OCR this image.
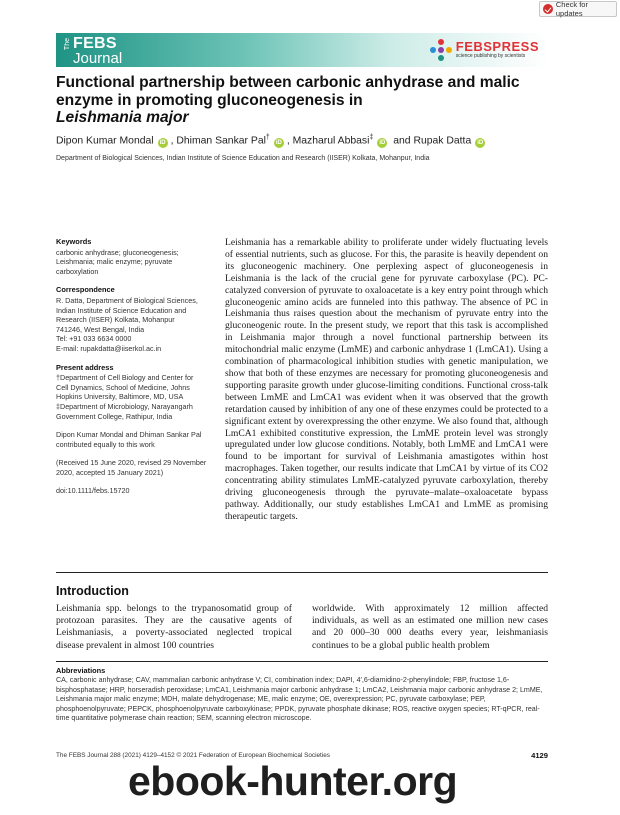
Check for updates
The FEBS
Journal
FEBSPRESS
science publishing by scientists
Functional partnership between carbonic anhydrase and malic enzyme in promoting gluconeogenesis in
Leishmania major
Dipon Kumar Mondal iD , Dhiman Sankar Pal†iD , Mazharul Abbasi‡iD and Rupak Datta iD
Department of Biological Sciences, Indian Institute of Science Education and Research (IISER) Kolkata, Mohanpur, India
Keywords

carbonic anhydrase; gluconeogenesis; Leishmania; malic enzyme; pyruvate carboxylation

Correspondence

R. Datta, Department of Biological Sciences,

Indian Institute of Science Education and

Research (IISER) Kolkata, Mohanpur

741246, West Bengal, India

Tel: +91 033 6634 0000

E-mail: rupakdatta@iiserkol.ac.in

Present address

†Department of Cell Biology and Center for

Cell Dynamics, School of Medicine, Johns

Hopkins University, Baltimore, MD, USA

‡Department of Microbiology, Narayangarh

Government College, Rathipur, India

Dipon Kumar Mondal and Dhiman Sankar Pal contributed equally to this work

(Received 15 June 2020, revised 29 November 2020, accepted 15 January 2021)

doi:10.1111/febs.15720

Leishmania has a remarkable ability to proliferate under widely fluctuating levels of essential nutrients, such as glucose. For this, the parasite is heavily dependent on its gluconeogenic machinery. One perplexing aspect of gluconeogenesis in Leishmania is the lack of the crucial gene for pyruvate carboxylase (PC). PC-catalyzed conversion of pyruvate to oxaloacetate is a key entry point through which gluconeogenic amino acids are funneled into this pathway. The absence of PC in Leishmania thus raises question about the mechanism of pyruvate entry into the gluconeogenic route. In the present study, we report that this task is accomplished in Leishmania major through a novel functional partnership between its mitochondrial malic enzyme (LmME) and carbonic anhydrase 1 (LmCA1). Using a combination of pharmacological inhibition studies with genetic manipulation, we show that both of these enzymes are necessary for promoting gluconeogenesis and supporting parasite growth under glucose-limiting conditions. Functional cross-talk between LmME and LmCA1 was evident when it was observed that the growth retardation caused by inhibition of any one of these enzymes could be protected to a significant extent by overexpressing the other enzyme. We also found that, although LmCA1 exhibited constitutive expression, the LmME protein level was strongly upregulated under low glucose conditions. Notably, both LmME and LmCA1 were found to be important for survival of Leishmania amastigotes within host macrophages. Taken together, our results indicate that LmCA1 by virtue of its CO2 concentrating ability stimulates LmME-catalyzed pyruvate carboxylation, thereby driving gluconeogenesis through the pyruvate–malate–oxaloacetate bypass pathway. Additionally, our study establishes LmCA1 and LmME as promising therapeutic targets.
Introduction
Leishmania spp. belongs to the trypanosomatid group of protozoan parasites. They are the causative agents of Leishmaniasis, a poverty-associated neglected tropical disease prevalent in almost 100 countries
worldwide. With approximately 12 million affected individuals, as well as an estimated one million new cases and 20 000–30 000 deaths every year, leishmaniasis continues to be a global public health problem
Abbreviations
CA, carbonic anhydrase; CAV, mammalian carbonic anhydrase V; CI, combination index; DAPI, 4′,6-diamidino-2-phenylindole; FBP, fructose 1,6-bisphosphatase; HRP, horseradish peroxidase; LmCA1, Leishmania major carbonic anhydrase 1; LmCA2, Leishmania major carbonic anhydrase 2; LmME, Leishmania major malic enzyme; MDH, malate dehydrogenase; ME, malic enzyme; OE, overexpression; PC, pyruvate carboxylase; PEP, phosphoenolpyruvate; PEPCK, phosphoenolpyruvate carboxykinase; PPDK, pyruvate phosphate dikinase; ROS, reactive oxygen species; RT-qPCR, real-time quantitative polymerase chain reaction; SEM, scanning electron microscope.
The FEBS Journal 288 (2021) 4129–4152 © 2021 Federation of European Biochemical Societies	4129
ebook-hunter.org
